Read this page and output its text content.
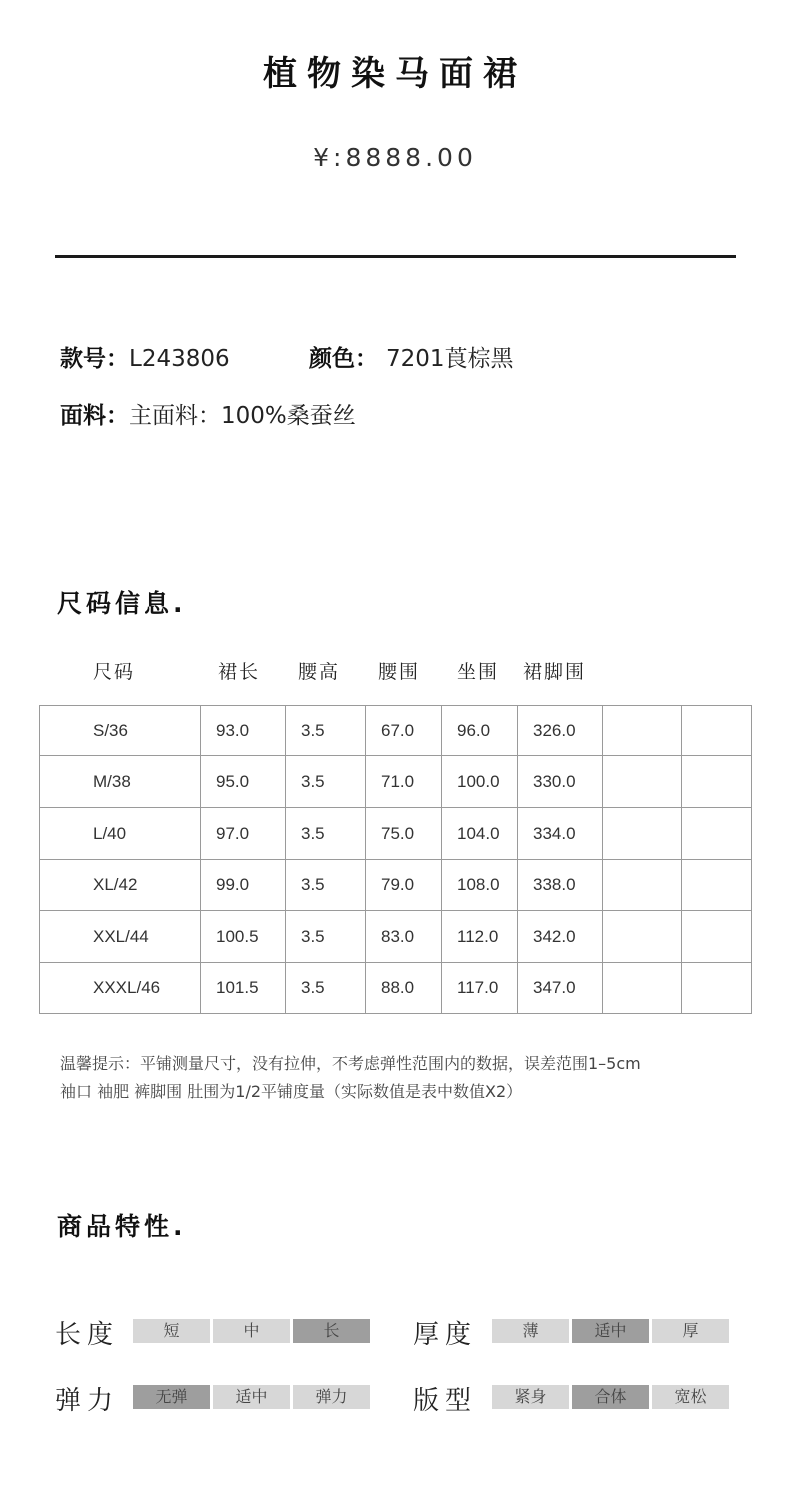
植物染马面裙
¥:8888.00
款号：L243806	颜色： 7201莨棕黑
面料：主面料：100%桑蚕丝
尺码信息.
尺码	裙长 腰高 腰围 坐围 裙脚围
S/36	93.0	3.5	67.0	96.0	326.0		
M/38	95.0	3.5	71.0	100.0	330.0		
L/40	97.0	3.5	75.0	104.0	334.0		
XL/42	99.0	3.5	79.0	108.0	338.0		
XXL/44	100.5	3.5	83.0	112.0	342.0		
XXXL/46	101.5	3.5	88.0	117.0	347.0		
温馨提示：平铺测量尺寸，没有拉伸，不考虑弹性范围内的数据，误差范围1–5cm
袖口 袖肥 裤脚围 肚围为1/2平铺度量（实际数值是表中数值X2）
商品特性.
长度	短	中	长	厚度	薄	适中	厚
弹力	无弹	适中	弹力	版型	紧身	合体	宽松
